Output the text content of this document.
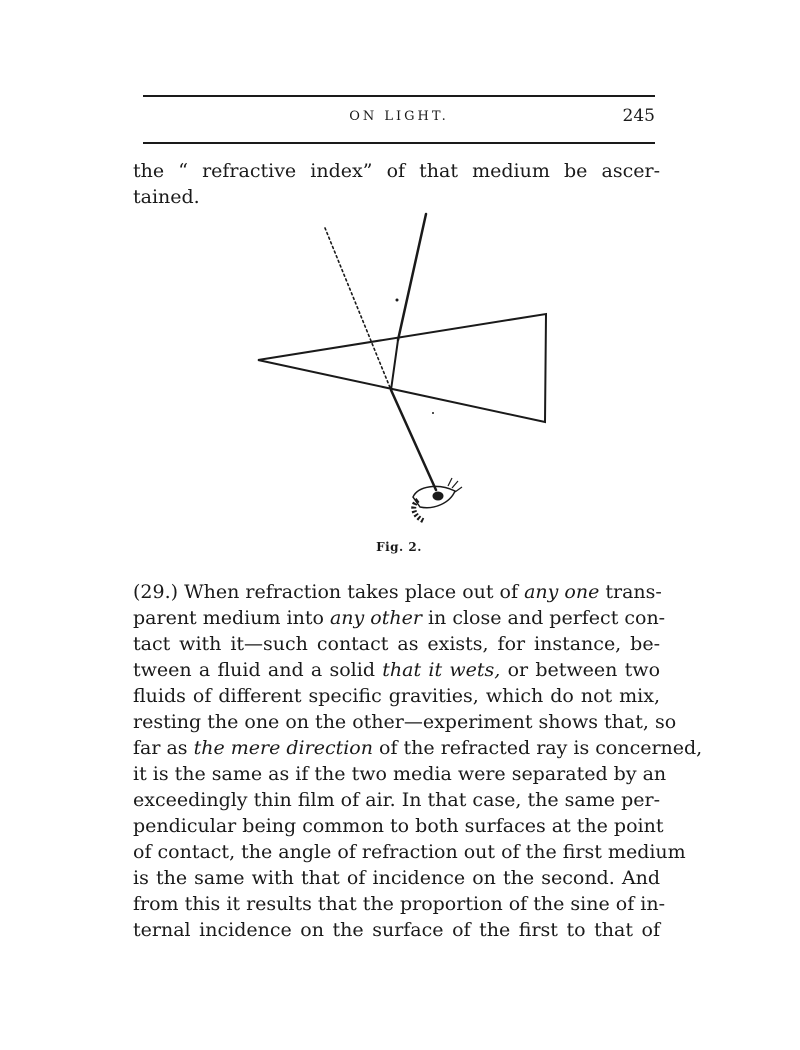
ON LIGHT.	245
the “ refractive index” of that medium be ascer-
tained.
Fig. 2.
(29.) When refraction takes place out of any one trans-
parent medium into any other in close and perfect con-
tact with it—such contact as exists, for instance, be-
tween a fluid and a solid that it wets, or between two
fluids of different specific gravities, which do not mix,
resting the one on the other—experiment shows that, so
far as the mere direction of the refracted ray is concerned,
it is the same as if the two media were separated by an
exceedingly thin film of air. In that case, the same per-
pendicular being common to both surfaces at the point
of contact, the angle of refraction out of the first medium
is the same with that of incidence on the second. And
from this it results that the proportion of the sine of in-
ternal incidence on the surface of the first to that of
